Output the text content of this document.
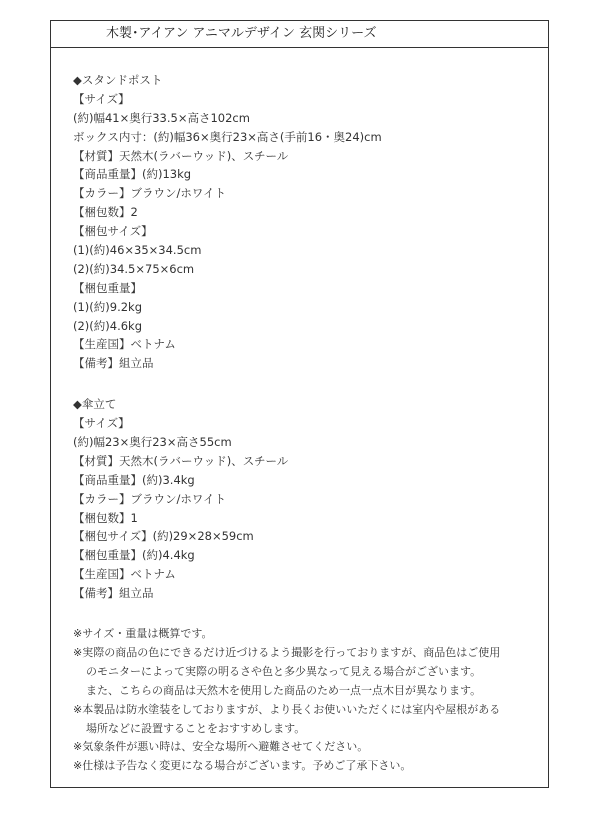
木製･アイアン アニマルデザイン 玄関シリーズ
◆スタンドポスト
【サイズ】
(約)幅41×奥行33.5×高さ102cm
ボックス内寸：(約)幅36×奥行23×高さ(手前16・奥24)cm
【材質】天然木(ラバーウッド)、スチール
【商品重量】(約)13kg
【カラー】ブラウン/ホワイト
【梱包数】2
【梱包サイズ】
(1)(約)46×35×34.5cm
(2)(約)34.5×75×6cm
【梱包重量】
(1)(約)9.2kg
(2)(約)4.6kg
【生産国】ベトナム
【備考】組立品
◆傘立て
【サイズ】
(約)幅23×奥行23×高さ55cm
【材質】天然木(ラバーウッド)、スチール
【商品重量】(約)3.4kg
【カラー】ブラウン/ホワイト
【梱包数】1
【梱包サイズ】(約)29×28×59cm
【梱包重量】(約)4.4kg
【生産国】ベトナム
【備考】組立品
※サイズ・重量は概算です。
※実際の商品の色にできるだけ近づけるよう撮影を行っておりますが、商品色はご使用
のモニターによって実際の明るさや色と多少異なって見える場合がございます。
また、こちらの商品は天然木を使用した商品のため一点一点木目が異なります。
※本製品は防水塗装をしておりますが、より長くお使いいただくには室内や屋根がある
場所などに設置することをおすすめします。
※気象条件が悪い時は、安全な場所へ避難させてください。
※仕様は予告なく変更になる場合がございます。予めご了承下さい。
